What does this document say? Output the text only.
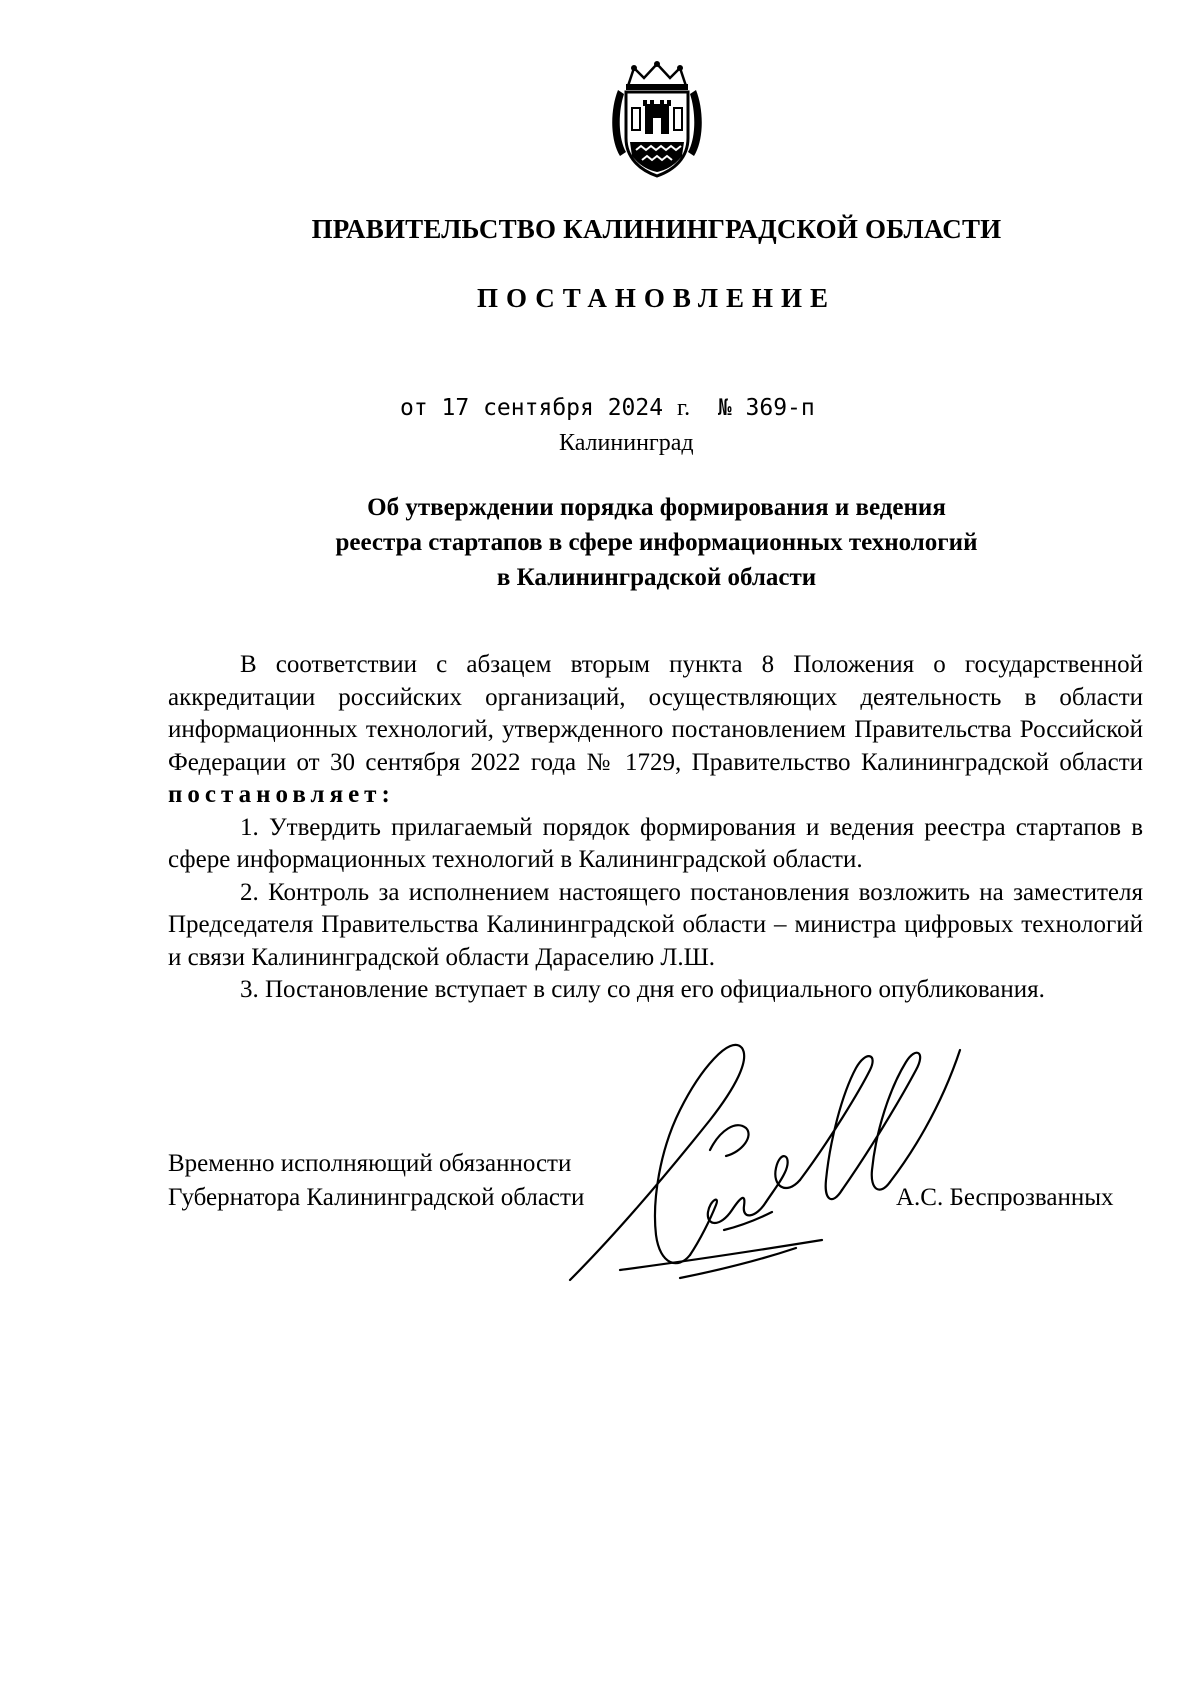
ПРАВИТЕЛЬСТВО КАЛИНИНГРАДСКОЙ ОБЛАСТИ
ПОСТАНОВЛЕНИЕ
от 17 сентября 2024 г. № 369-п
Калининград
Об утверждении порядка формирования и ведения
реестра стартапов в сфере информационных технологий
в Калининградской области

В соответствии с абзацем вторым пункта 8 Положения о государственной аккредитации российских организаций, осуществляющих деятельность в области информационных технологий, утвержденного постановлением Правительства Российской Федерации от 30 сентября 2022 года № 1729, Правительство Калининградской области постановляет:

1. Утвердить прилагаемый порядок формирования и ведения реестра стартапов в сфере информационных технологий в Калининградской области.

2. Контроль за исполнением настоящего постановления возложить на заместителя Председателя Правительства Калининградской области – министра цифровых технологий и связи Калининградской области Дараселию Л.Ш.

3. Постановление вступает в силу со дня его официального опубликования.

Временно исполняющий обязанности
Губернатора Калининградской области	А.С. Беспрозванных
